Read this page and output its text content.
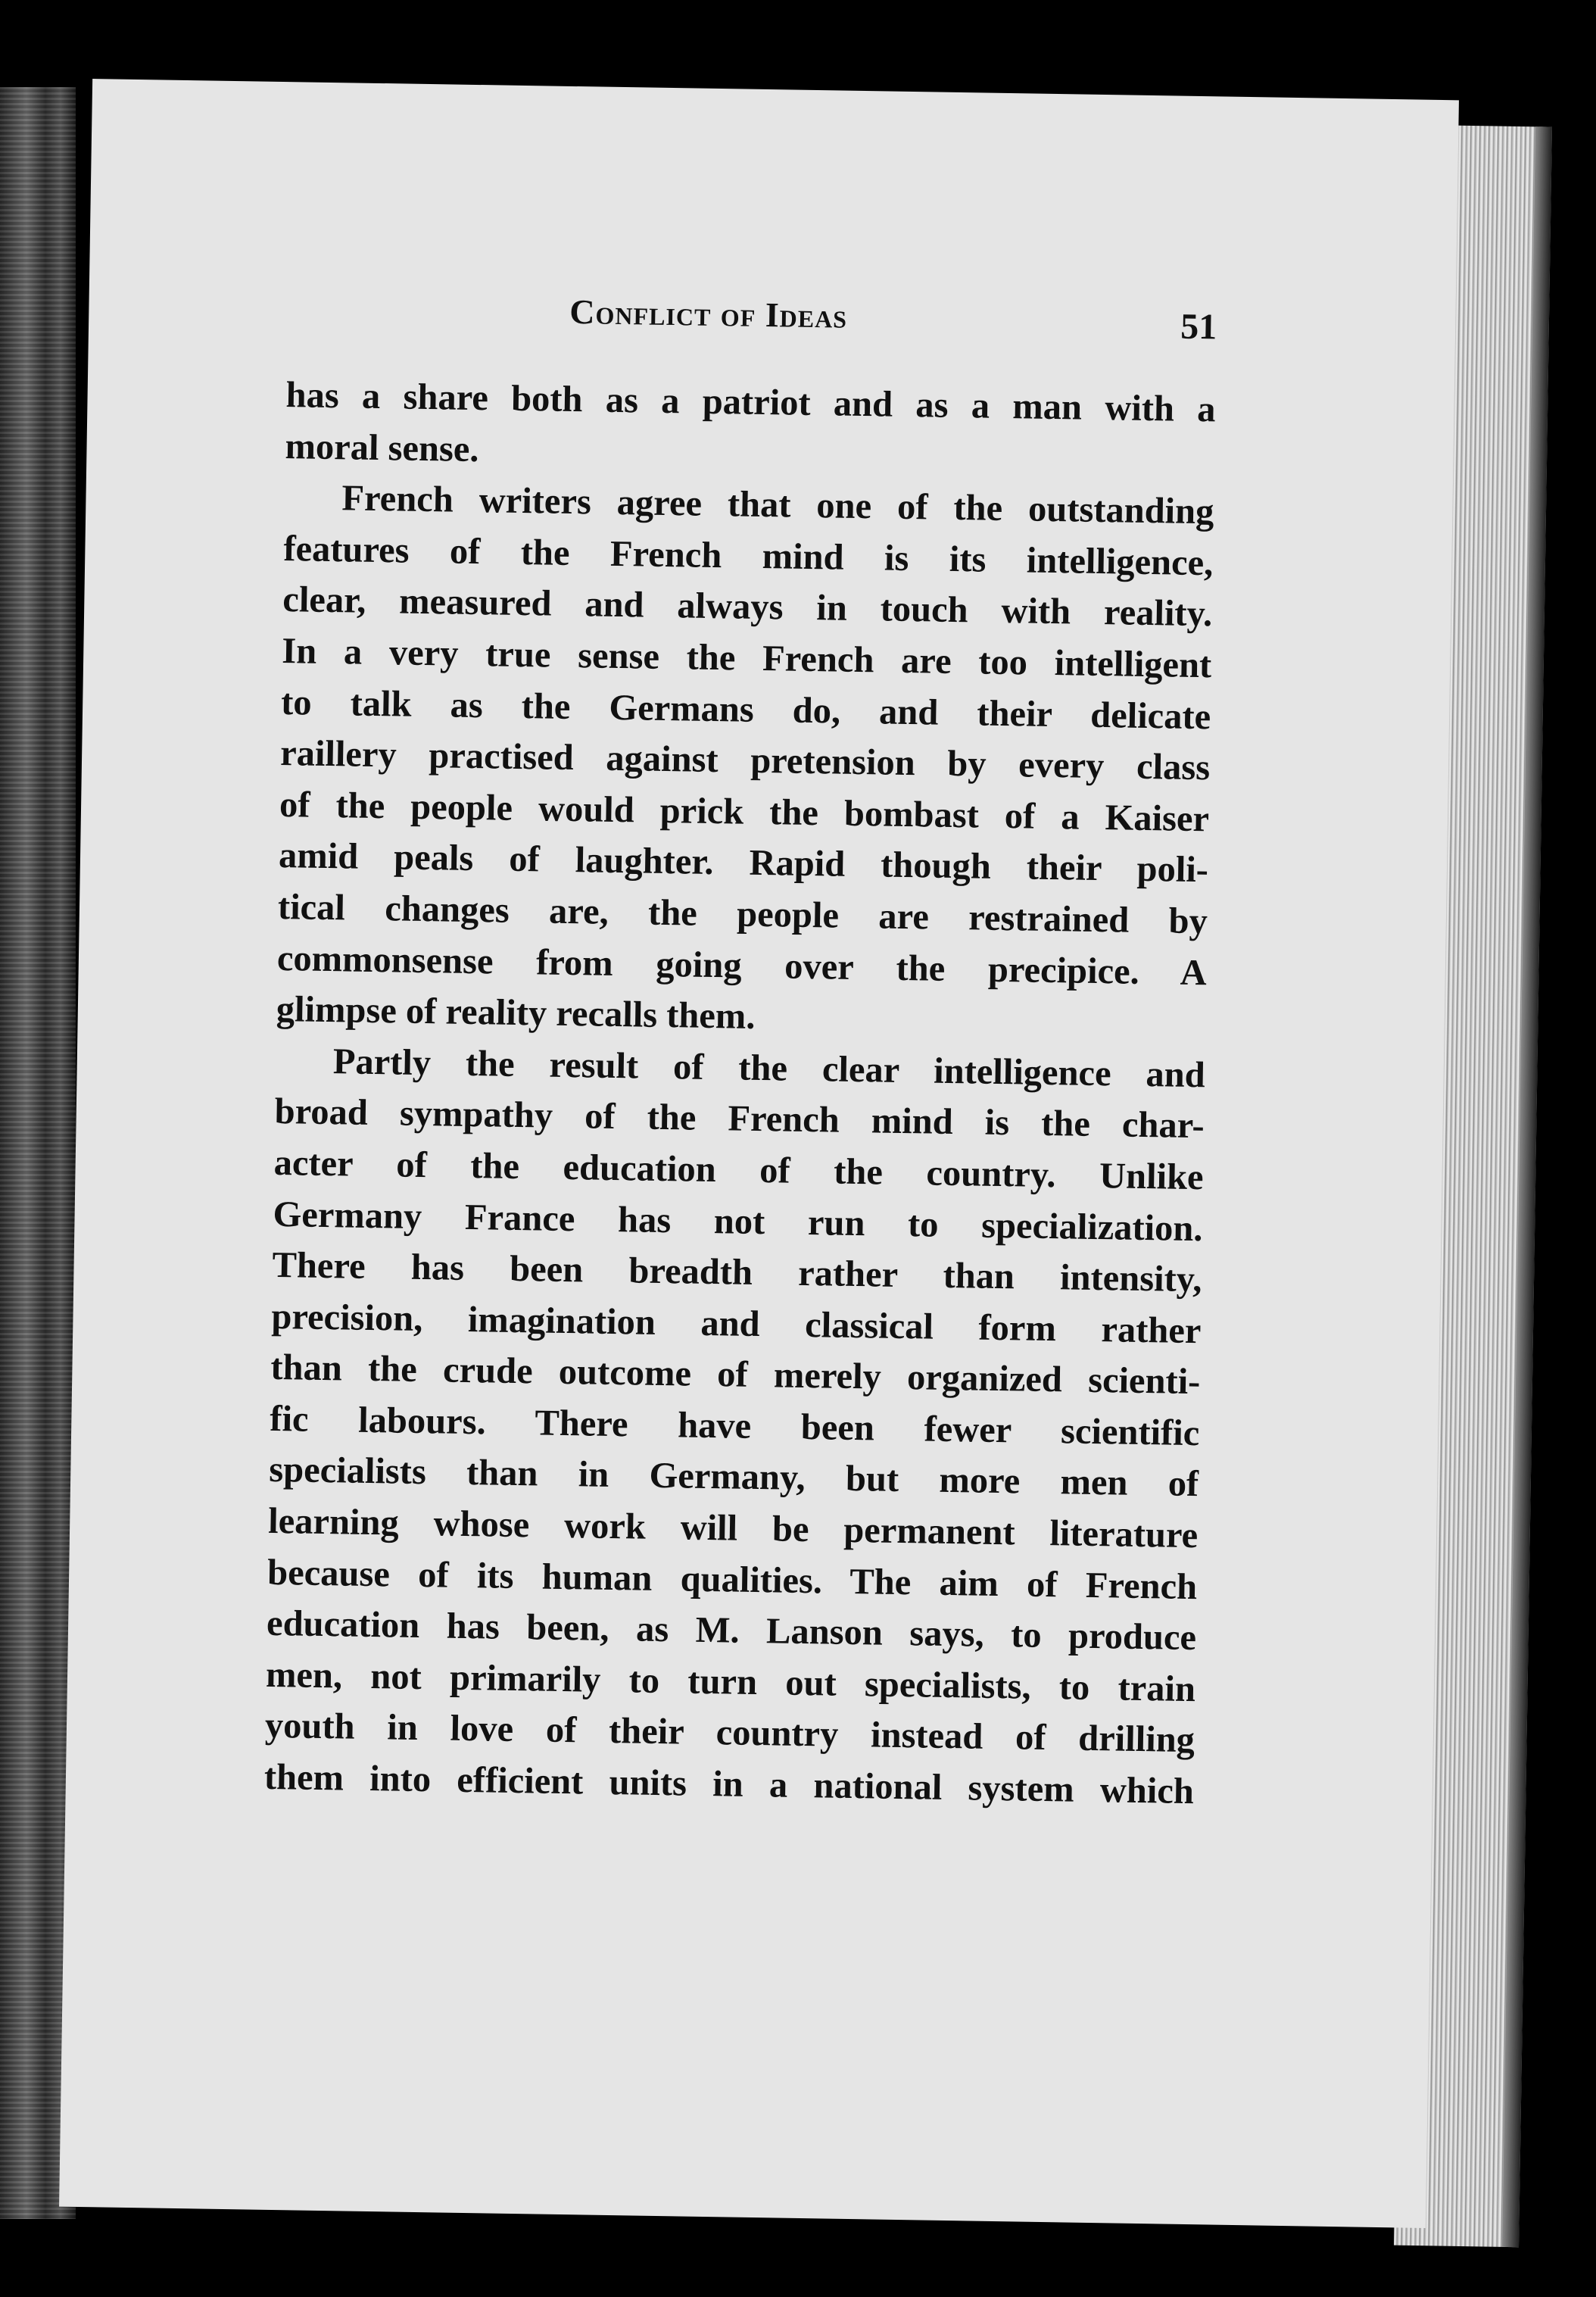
Conflict of Ideas	51
has a share both as a patriot and as a man with a
moral sense.
French writers agree that one of the outstanding
features of the French mind is its intelligence,
clear, measured and always in touch with reality.
In a very true sense the French are too intelligent
to talk as the Germans do, and their delicate
raillery practised against pretension by every class
of the people would prick the bombast of a Kaiser
amid peals of laughter. Rapid though their poli-
tical changes are, the people are restrained by
commonsense from going over the precipice. A
glimpse of reality recalls them.
Partly the result of the clear intelligence and
broad sympathy of the French mind is the char-
acter of the education of the country. Unlike
Germany France has not run to specialization.
There has been breadth rather than intensity,
precision, imagination and classical form rather
than the crude outcome of merely organized scienti-
fic labours. There have been fewer scientific
specialists than in Germany, but more men of
learning whose work will be permanent literature
because of its human qualities. The aim of French
education has been, as M. Lanson says, to produce
men, not primarily to turn out specialists, to train
youth in love of their country instead of drilling
them into efficient units in a national system which
